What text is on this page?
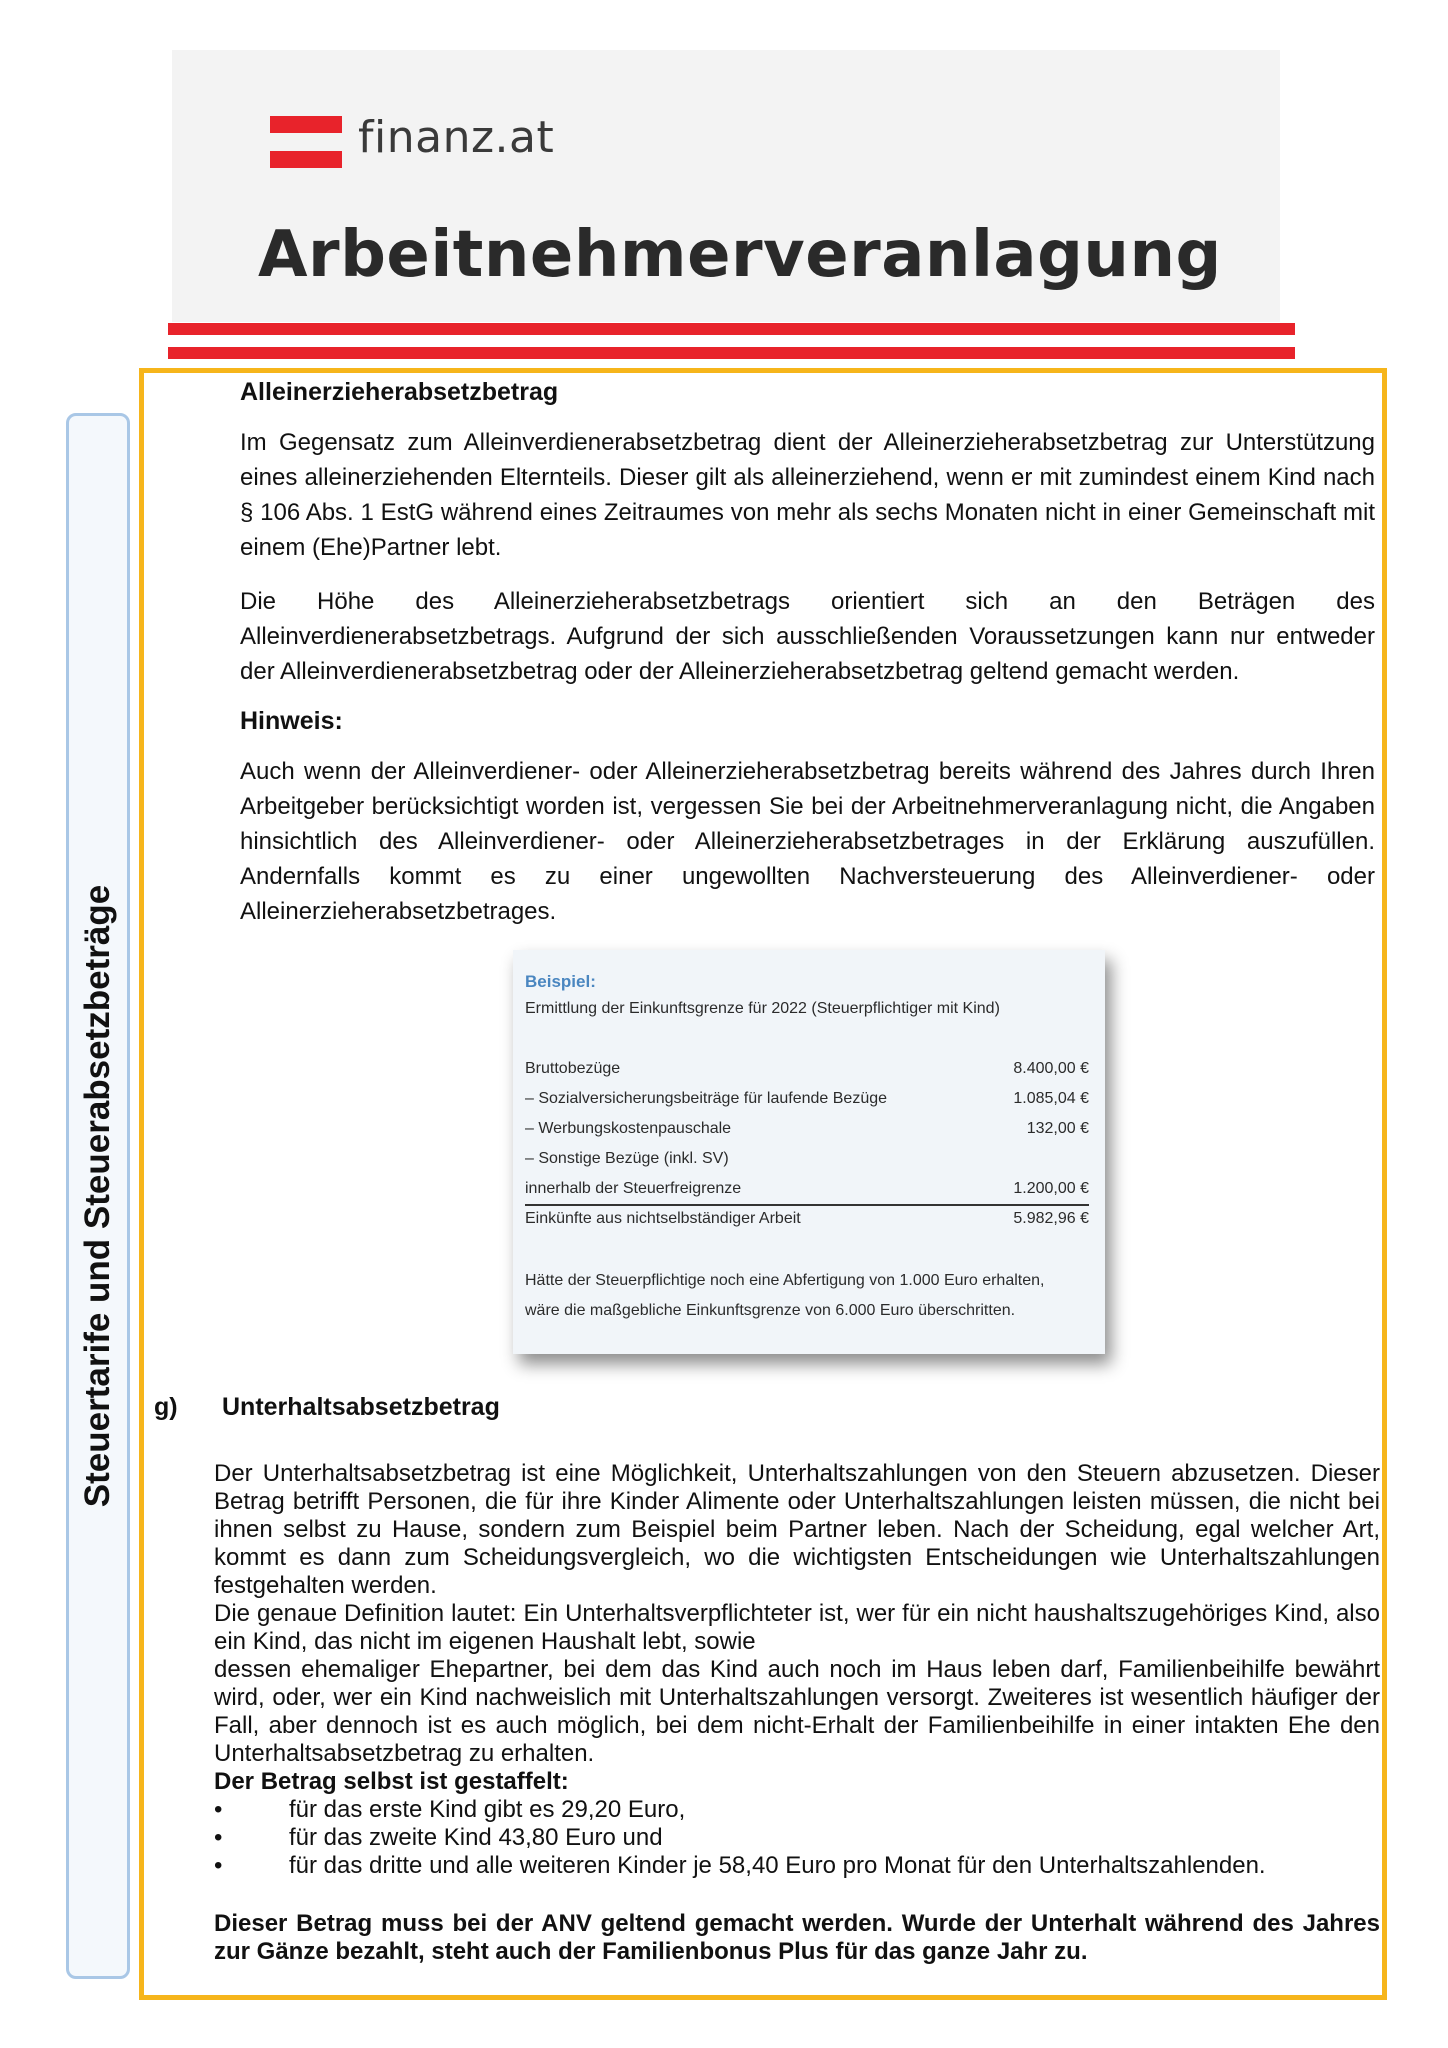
finanz.at
Arbeitnehmerveranlagung
Steuertarife und Steuerabsetzbeträge
Alleinerzieherabsetzbetrag

Im Gegensatz zum Alleinverdienerabsetzbetrag dient der Alleinerzieherabsetzbetrag zur Unterstützung eines alleinerziehenden Elternteils. Dieser gilt als alleinerziehend, wenn er mit zumindest einem Kind nach § 106 Abs. 1 EstG während eines Zeitraumes von mehr als sechs Monaten nicht in einer Gemeinschaft mit einem (Ehe)Partner lebt.

Die Höhe des Alleinerzieherabsetzbetrags orientiert sich an den Beträgen des Alleinverdienerabsetzbetrags. Aufgrund der sich ausschließenden Voraussetzungen kann nur entweder der Alleinverdienerabsetzbetrag oder der Alleinerzieherabsetzbetrag geltend gemacht werden.

Hinweis:

Auch wenn der Alleinverdiener- oder Alleinerzieherabsetzbetrag bereits während des Jahres durch Ihren Arbeitgeber berücksichtigt worden ist, vergessen Sie bei der Arbeitnehmerveranlagung nicht, die Angaben hinsichtlich des Alleinverdiener- oder Alleinerzieherabsetzbetrages in der Erklärung auszufüllen. Andernfalls kommt es zu einer ungewollten Nachversteuerung des Alleinverdiener- oder Alleinerzieherabsetzbetrages.

Beispiel:
Ermittlung der Einkunftsgrenze für 2022 (Steuerpflichtiger mit Kind)
Bruttobezüge	8.400,00 €
– Sozialversicherungsbeiträge für laufende Bezüge	1.085,04 €
– Werbungskostenpauschale	132,00 €
– Sonstige Bezüge (inkl. SV)
innerhalb der Steuerfreigrenze	1.200,00 €
Einkünfte aus nichtselbständiger Arbeit	5.982,96 €
Hätte der Steuerpflichtige noch eine Abfertigung von 1.000 Euro erhalten, wäre die maßgebliche Einkunftsgrenze von 6.000 Euro überschritten.
g) Unterhaltsabsetzbetrag

Der Unterhaltsabsetzbetrag ist eine Möglichkeit, Unterhaltszahlungen von den Steuern abzusetzen. Dieser Betrag betrifft Personen, die für ihre Kinder Alimente oder Unterhaltszahlungen leisten müssen, die nicht bei ihnen selbst zu Hause, sondern zum Beispiel beim Partner leben. Nach der Scheidung, egal welcher Art, kommt es dann zum Scheidungsvergleich, wo die wichtigsten Entscheidungen wie Unterhaltszahlungen festgehalten werden.

Die genaue Definition lautet: Ein Unterhaltsverpflichteter ist, wer für ein nicht haushaltszugehöriges Kind, also ein Kind, das nicht im eigenen Haushalt lebt, sowie

dessen ehemaliger Ehepartner, bei dem das Kind auch noch im Haus leben darf, Familienbeihilfe bewährt wird, oder, wer ein Kind nachweislich mit Unterhaltszahlungen versorgt. Zweiteres ist wesentlich häufiger der Fall, aber dennoch ist es auch möglich, bei dem nicht-Erhalt der Familienbeihilfe in einer intakten Ehe den Unterhaltsabsetzbetrag zu erhalten.

Der Betrag selbst ist gestaffelt:

•	für das erste Kind gibt es 29,20 Euro,
•	für das zweite Kind 43,80 Euro und
•	für das dritte und alle weiteren Kinder je 58,40 Euro pro Monat für den Unterhaltszahlenden.

Dieser Betrag muss bei der ANV geltend gemacht werden. Wurde der Unterhalt während des Jahres zur Gänze bezahlt, steht auch der Familienbonus Plus für das ganze Jahr zu.
